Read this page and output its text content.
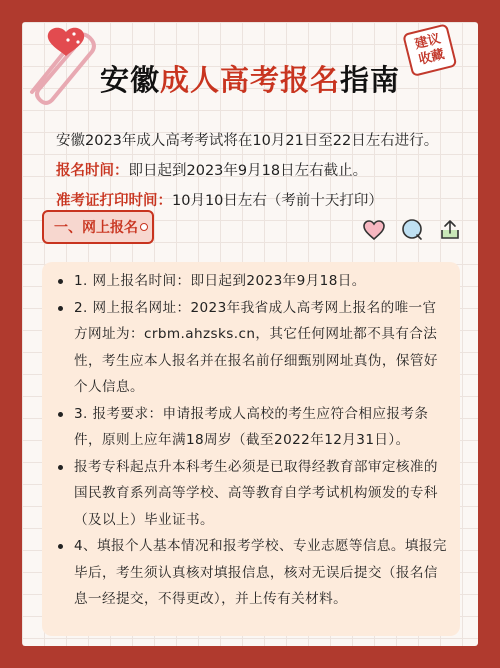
建议
收藏
安徽成人高考报名指南
安徽2023年成人高考考试将在10月21日至22日左右进行。
报名时间：即日起到2023年9月18日左右截止。
准考证打印时间：10月10日左右（考前十天打印）
一、网上报名
1. 网上报名时间：即日起到2023年9月18日。
2. 网上报名网址：2023年我省成人高考网上报名的唯一官方网址为：crbm.ahzsks.cn，其它任何网址都不具有合法性，考生应本人报名并在报名前仔细甄别网址真伪，保管好个人信息。
3. 报考要求：申请报考成人高校的考生应符合相应报考条件，原则上应年满18周岁（截至2022年12月31日）。
报考专科起点升本科考生必须是已取得经教育部审定核准的国民教育系列高等学校、高等教育自学考试机构颁发的专科（及以上）毕业证书。
4、填报个人基本情况和报考学校、专业志愿等信息。填报完毕后，考生须认真核对填报信息，核对无误后提交（报名信息一经提交，不得更改），并上传有关材料。
